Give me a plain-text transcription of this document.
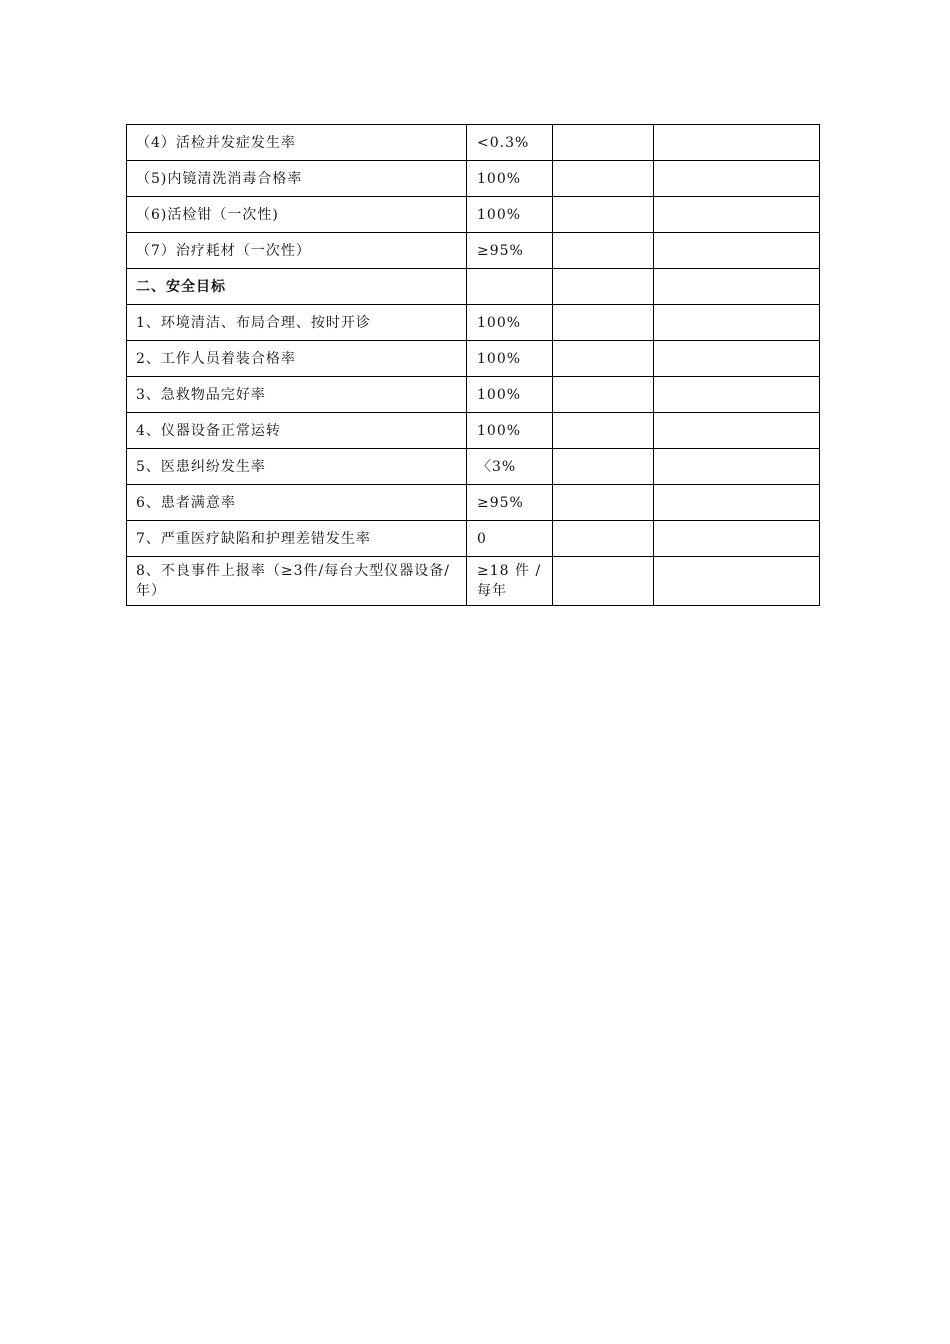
（4）活检并发症发生率	<0.3%		
（5)内镜清洗消毒合格率	100%		
（6)活检钳（一次性)	100%		
（7）治疗耗材（一次性）	≥95%		
二、安全目标			
1、环境清洁、布局合理、按时开诊	100%		
2、工作人员着装合格率	100%		
3、急救物品完好率	100%		
4、仪器设备正常运转	100%		
5、医患纠纷发生率	〈3%		
6、患者满意率	≥95%		
7、严重医疗缺陷和护理差错发生率	0		
8、不良事件上报率（≥3件/每台大型仪器设备/年）	≥18 件 / 每年		
